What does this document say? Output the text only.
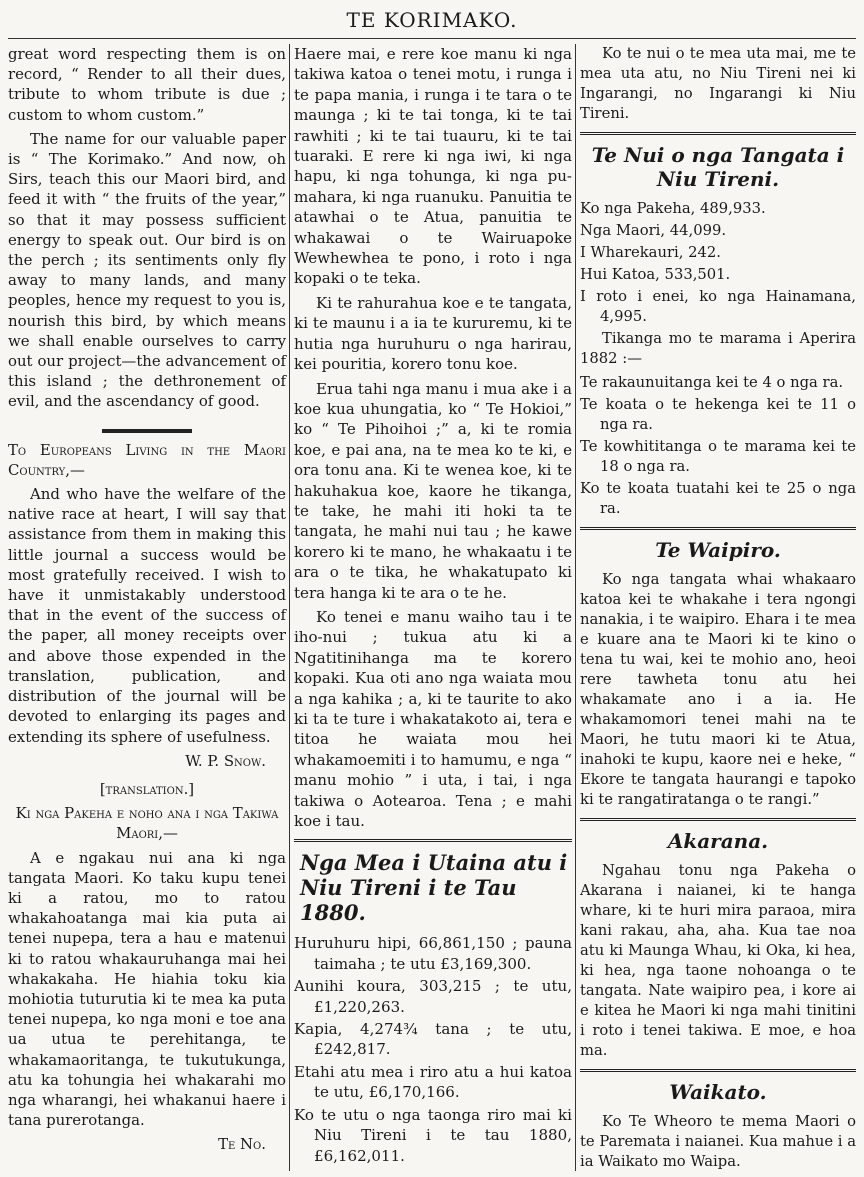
TE KORIMAKO.

great word respecting them is on record, “ Render to all their dues, tribute to whom tribute is due ; custom to whom custom.”

The name for our valuable paper is “ The Korimako.” And now, oh Sirs, teach this our Maori bird, and feed it with “ the fruits of the year,” so that it may possess sufficient energy to speak out. Our bird is on the perch ; its sentiments only fly away to many lands, and many peoples, hence my request to you is, nourish this bird, by which means we shall enable ourselves to carry out our project—the advancement of this island ; the dethronement of evil, and the ascendancy of good.

To Europeans Living in the Maori Country,—

And who have the welfare of the native race at heart, I will say that assistance from them in making this little journal a success would be most gratefully received. I wish to have it unmistakably understood that in the event of the success of the paper, all money receipts over and above those expended in the translation, publication, and distribution of the journal will be devoted to enlarging its pages and extending its sphere of usefulness.

W. P. Snow.

[translation.]

Ki nga Pakeha e noho ana i nga Takiwa Maori,—

A e ngakau nui ana ki nga tangata Maori. Ko taku kupu tenei ki a ratou, mo to ratou whakahoatanga mai kia puta ai tenei nupepa, tera a hau e matenui ki to ratou whakauruhanga mai hei whakakaha. He hiahia toku kia mohiotia tuturutia ki te mea ka puta tenei nupepa, ko nga moni e toe ana ua utua te perehitanga, te whakamaoritanga, te tukutukunga, atu ka tohungia hei whakarahi mo nga wharangi, hei whakanui haere i tana purerotanga.

Te No.

Haere mai, e rere koe manu ki nga takiwa katoa o tenei motu, i runga i te papa mania, i runga i te tara o te maunga ; ki te tai tonga, ki te tai rawhiti ; ki te tai tuauru, ki te tai tuaraki. E rere ki nga iwi, ki nga hapu, ki nga tohunga, ki nga pu-mahara, ki nga ruanuku. Panuitia te atawhai o te Atua, panuitia te whakawai o te Wairuapoke Wewhewhea te pono, i roto i nga kopaki o te teka.

Ki te rahurahua koe e te tangata, ki te maunu i a ia te kururemu, ki te hutia nga huruhuru o nga harirau, kei pouritia, korero tonu koe.

Erua tahi nga manu i mua ake i a koe kua uhungatia, ko “ Te Hokioi,” ko “ Te Pihoihoi ;” a, ki te romia koe, e pai ana, na te mea ko te ki, e ora tonu ana. Ki te wenea koe, ki te hakuhakua koe, kaore he tikanga, te take, he mahi iti hoki ta te tangata, he mahi nui tau ; he kawe korero ki te mano, he whakaatu i te ara o te tika, he whakatupato ki tera hanga ki te ara o te he.

Ko tenei e manu waiho tau i te iho-nui ; tukua atu ki a Ngatitinihanga ma te korero kopaki. Kua oti ano nga waiata mou a nga kahika ; a, ki te taurite to ako ki ta te ture i whakatakoto ai, tera e titoa he waiata mou hei whakamoemiti i to hamumu, e nga “ manu mohio ” i uta, i tai, i nga takiwa o Aotearoa. Tena ; e mahi koe i tau.

Nga Mea i Utaina atu i Niu Tireni i te Tau 1880.

Huruhuru hipi, 66,861,150 ; pauna taimaha ; te utu £3,169,300.

Aunihi koura, 303,215 ; te utu, £1,220,263.

Kapia, 4,274¾ tana ; te utu, £242,817.

Etahi atu mea i riro atu a hui katoa te utu, £6,170,166.

Ko te utu o nga taonga riro mai ki Niu Tireni i te tau 1880, £6,162,011.

Ko te nui o te mea uta mai, me te mea uta atu, no Niu Tireni nei ki Ingarangi, no Ingarangi ki Niu Tireni.

Te Nui o nga Tangata i Niu Tireni.

Ko nga Pakeha, 489,933.

Nga Maori, 44,099.

I Wharekauri, 242.

Hui Katoa, 533,501.

I roto i enei, ko nga Hainamana, 4,995.

Tikanga mo te marama i Aperira 1882 :—

Te rakaunuitanga kei te 4 o nga ra.

Te koata o te hekenga kei te 11 o nga ra.

Te kowhititanga o te marama kei te 18 o nga ra.

Ko te koata tuatahi kei te 25 o nga ra.

Te Waipiro.

Ko nga tangata whai whakaaro katoa kei te whakahe i tera ngongi nanakia, i te waipiro. Ehara i te mea e kuare ana te Maori ki te kino o tena tu wai, kei te mohio ano, heoi rere tawheta tonu atu hei whakamate ano i a ia. He whakamomori tenei mahi na te Maori, he tutu maori ki te Atua, inahoki te kupu, kaore nei e heke, “ Ekore te tangata haurangi e tapoko ki te rangatiratanga o te rangi.”

Akarana.

Ngahau tonu nga Pakeha o Akarana i naianei, ki te hanga whare, ki te huri mira paraoa, mira kani rakau, aha, aha. Kua tae noa atu ki Maunga Whau, ki Oka, ki hea, ki hea, nga taone nohoanga o te tangata. Nate waipiro pea, i kore ai e kitea he Maori ki nga mahi tinitini i roto i tenei takiwa. E moe, e hoa ma.

Waikato.

Ko Te Wheoro te mema Maori o te Paremata i naianei. Kua mahue i a ia Waikato mo Waipa.
